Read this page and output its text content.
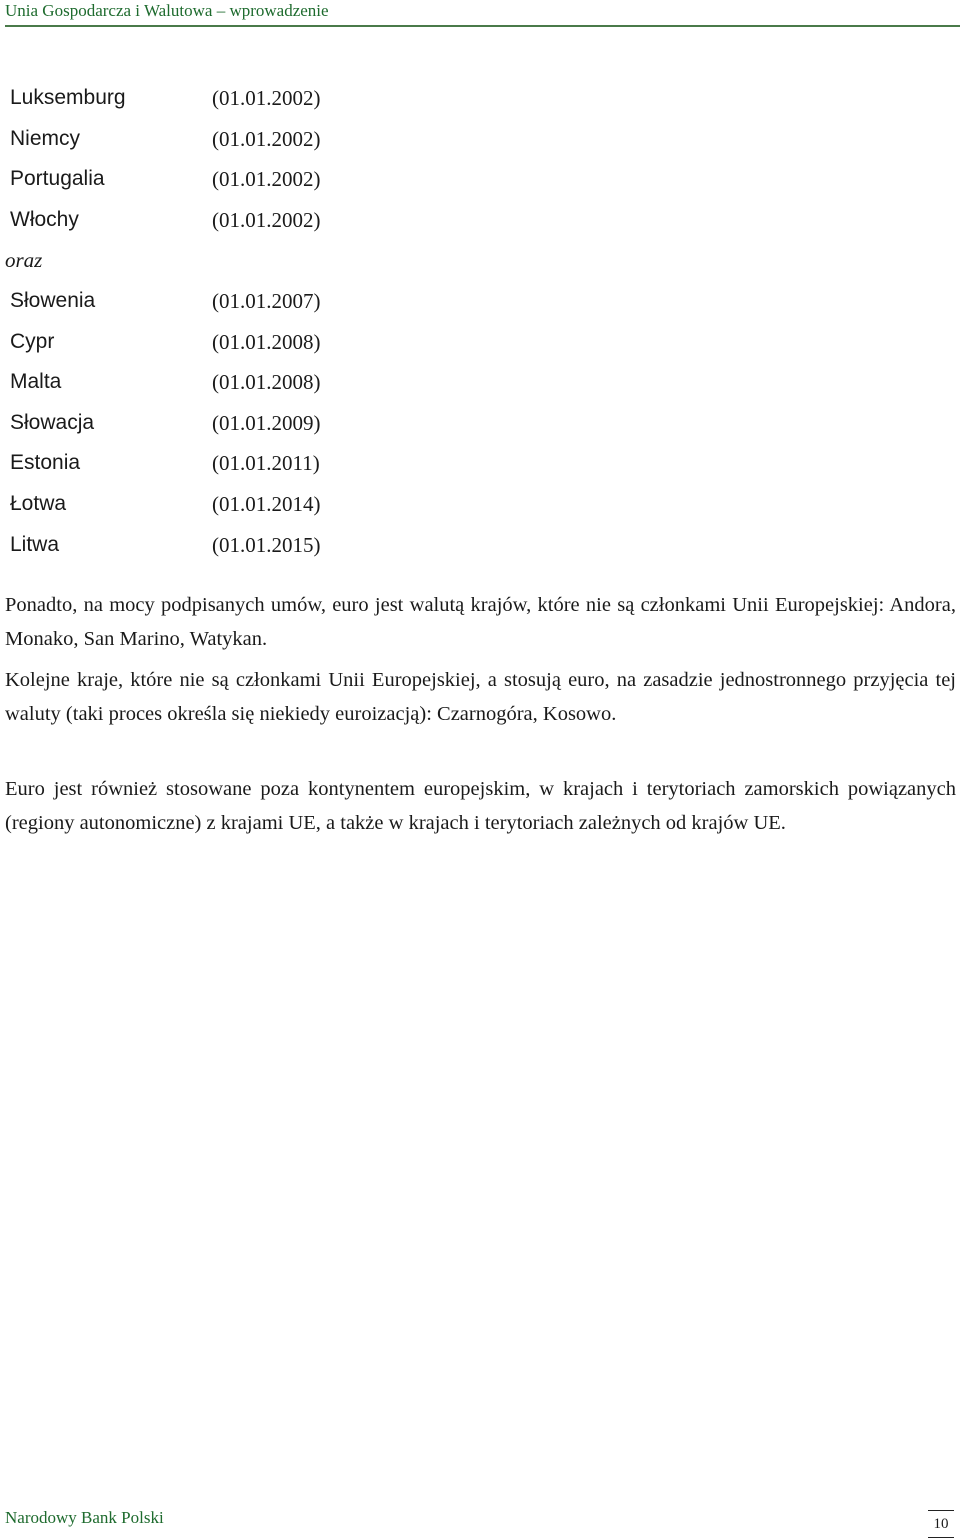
Unia Gospodarcza i Walutowa – wprowadzenie
Luksemburg	(01.01.2002)
Niemcy	(01.01.2002)
Portugalia	(01.01.2002)
Włochy	(01.01.2002)
oraz
Słowenia	(01.01.2007)
Cypr	(01.01.2008)
Malta	(01.01.2008)
Słowacja	(01.01.2009)
Estonia	(01.01.2011)
Łotwa	(01.01.2014)
Litwa	(01.01.2015)

Ponadto, na mocy podpisanych umów, euro jest walutą krajów, które nie są członkami Unii Europejskiej: Andora, Monako, San Marino, Watykan.

Kolejne kraje, które nie są członkami Unii Europejskiej, a stosują euro, na zasadzie jednostronnego przyjęcia tej waluty (taki proces określa się niekiedy euroizacją): Czarnogóra, Kosowo.

Euro jest również stosowane poza kontynentem europejskim, w krajach i terytoriach zamorskich powiązanych (regiony autonomiczne) z krajami UE, a także w krajach i terytoriach zależnych od krajów UE.

Narodowy Bank Polski	10
